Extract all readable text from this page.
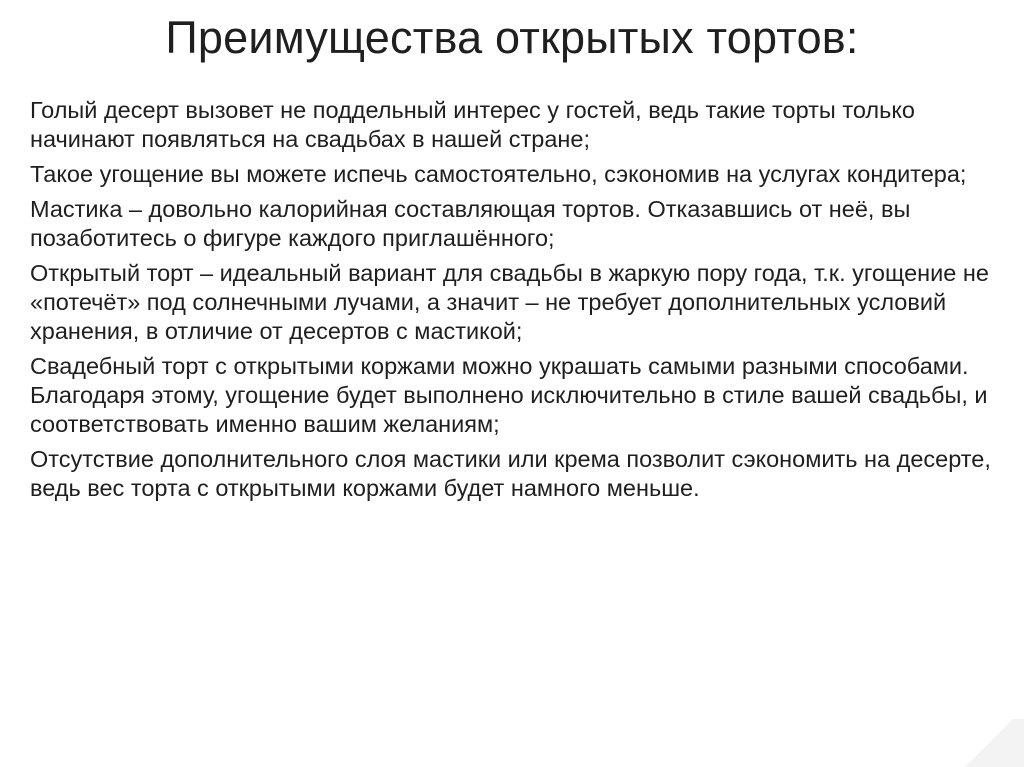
Преимущества открытых тортов:

Голый десерт вызовет не поддельный интерес у гостей, ведь такие торты только начинают появляться на свадьбах в нашей стране;

Такое угощение вы можете испечь самостоятельно, сэкономив на услугах кондитера;

Мастика – довольно калорийная составляющая тортов. Отказавшись от неё, вы позаботитесь о фигуре каждого приглашённого;

Открытый торт – идеальный вариант для свадьбы в жаркую пору года, т.к. угощение не «потечёт» под солнечными лучами, а значит – не требует дополнительных условий хранения, в отличие от десертов с мастикой;

Свадебный торт с открытыми коржами можно украшать самыми разными способами. Благодаря этому, угощение будет выполнено исключительно в стиле вашей свадьбы, и соответствовать именно вашим желаниям;

Отсутствие дополнительного слоя мастики или крема позволит сэкономить на десерте, ведь вес торта с открытыми коржами будет намного меньше.
